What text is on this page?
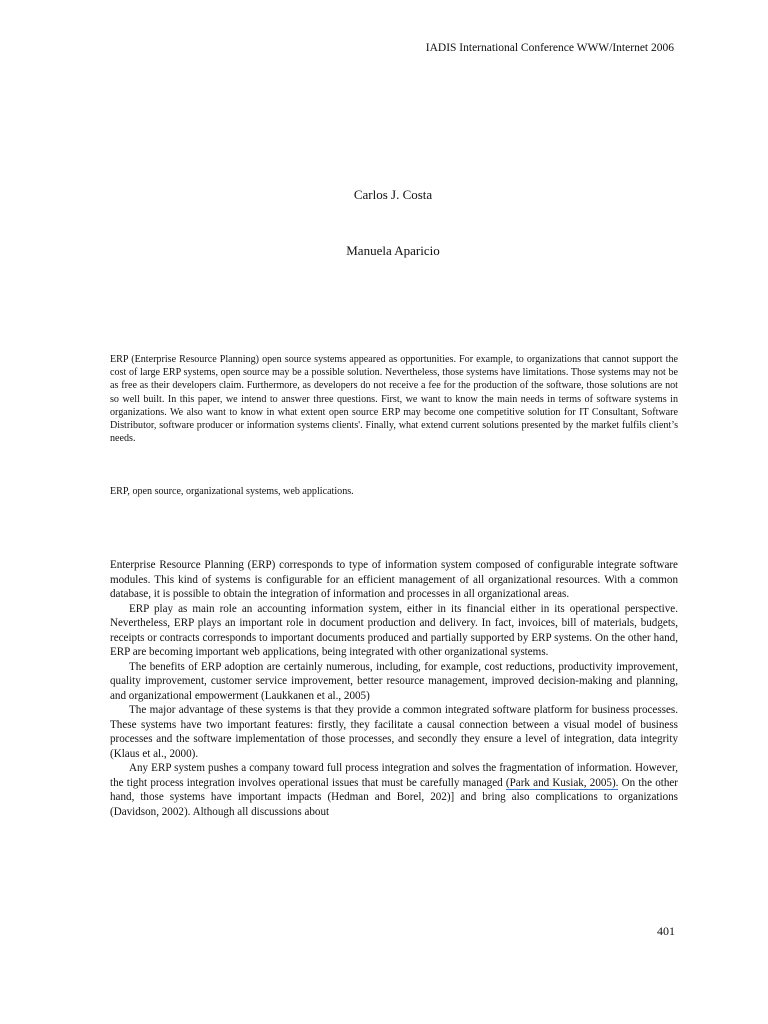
IADIS International Conference WWW/Internet 2006
Carlos J. Costa
Manuela Aparicio

ERP (Enterprise Resource Planning) open source systems appeared as opportunities. For example, to organizations that cannot support the cost of large ERP systems, open source may be a possible solution. Nevertheless, those systems have limitations. Those systems may not be as free as their developers claim. Furthermore, as developers do not receive a fee for the production of the software, those solutions are not so well built. In this paper, we intend to answer three questions. First, we want to know the main needs in terms of software systems in organizations. We also want to know in what extent open source ERP may become one competitive solution for IT Consultant, Software Distributor, software producer or information systems clients'. Finally, what extend current solutions presented by the market fulfils client’s needs.

ERP, open source, organizational systems, web applications.

Enterprise Resource Planning (ERP) corresponds to type of information system composed of configurable integrate software modules. This kind of systems is configurable for an efficient management of all organizational resources. With a common database, it is possible to obtain the integration of information and processes in all organizational areas.

ERP play as main role an accounting information system, either in its financial either in its operational perspective. Nevertheless, ERP plays an important role in document production and delivery. In fact, invoices, bill of materials, budgets, receipts or contracts corresponds to important documents produced and partially supported by ERP systems. On the other hand, ERP are becoming important web applications, being integrated with other organizational systems.

The benefits of ERP adoption are certainly numerous, including, for example, cost reductions, productivity improvement, quality improvement, customer service improvement, better resource management, improved decision-making and planning, and organizational empowerment (Laukkanen et al., 2005)

The major advantage of these systems is that they provide a common integrated software platform for business processes. These systems have two important features: firstly, they facilitate a causal connection between a visual model of business processes and the software implementation of those processes, and secondly they ensure a level of integration, data integrity (Klaus et al., 2000).

Any ERP system pushes a company toward full process integration and solves the fragmentation of information. However, the tight process integration involves operational issues that must be carefully managed (Park and Kusiak, 2005). On the other hand, those systems have important impacts (Hedman and Borel, 202)] and bring also complications to organizations (Davidson, 2002). Although all discussions about

401
